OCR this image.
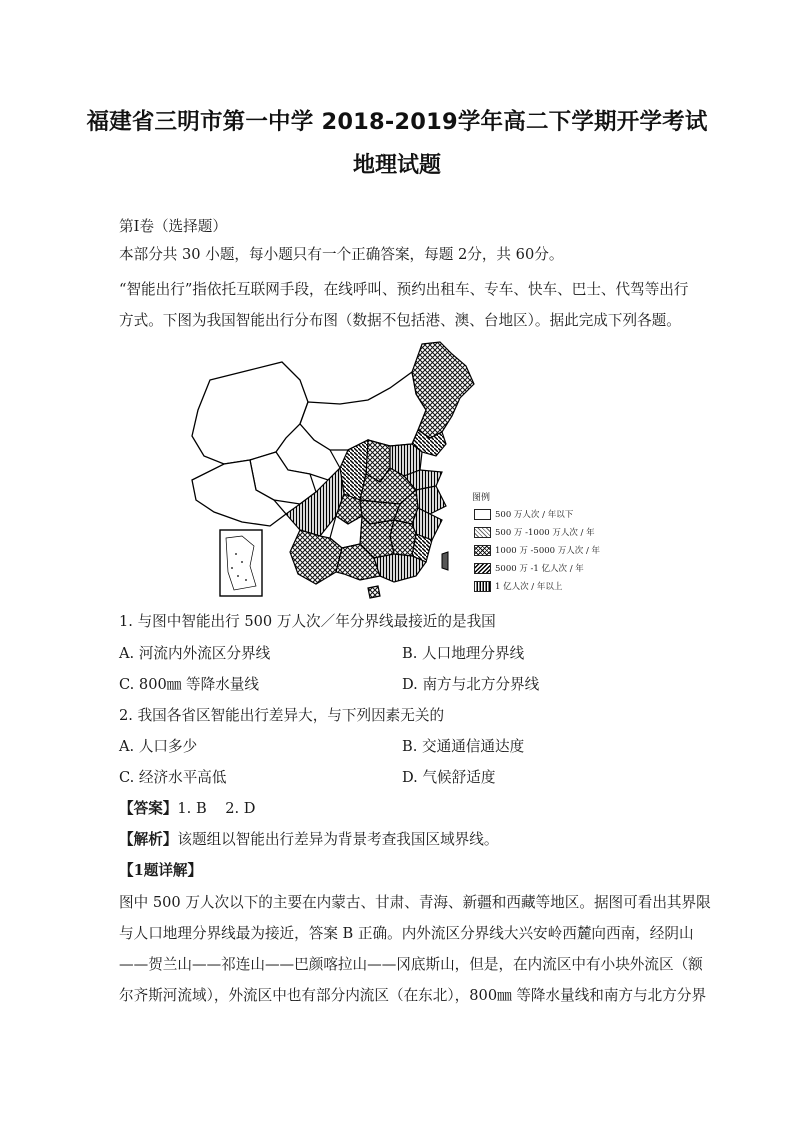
福建省三明市第一中学 2018-2019学年高二下学期开学考试
地理试题
第I卷（选择题）
本部分共 30 小题，每小题只有一个正确答案，每题 2分，共 60分。
“智能出行”指依托互联网手段，在线呼叫、预约出租车、专车、快车、巴士、代驾等出行
方式。下图为我国智能出行分布图（数据不包括港、澳、台地区）。据此完成下列各题。
图例
500 万人次 / 年以下
500 万 -1000 万人次 / 年
1000 万 -5000 万人次 / 年
5000 万 -1 亿人次 / 年
1 亿人次 / 年以上
1. 与图中智能出行 500 万人次／年分界线最接近的是我国
A. 河流内外流区分界线	B. 人口地理分界线
C. 800㎜ 等降水量线	D. 南方与北方分界线
2. 我国各省区智能出行差异大，与下列因素无关的
A. 人口多少	B. 交通通信通达度
C. 经济水平高低	D. 气候舒适度
【答案】1. B    2. D
【解析】该题组以智能出行差异为背景考查我国区域界线。
【1题详解】
图中 500 万人次以下的主要在内蒙古、甘肃、青海、新疆和西藏等地区。据图可看出其界限
与人口地理分界线最为接近，答案 B 正确。内外流区分界线大兴安岭西麓向西南，经阴山
——贺兰山——祁连山——巴颜喀拉山——冈底斯山，但是，在内流区中有小块外流区（额
尔齐斯河流域），外流区中也有部分内流区（在东北），800㎜ 等降水量线和南方与北方分界
